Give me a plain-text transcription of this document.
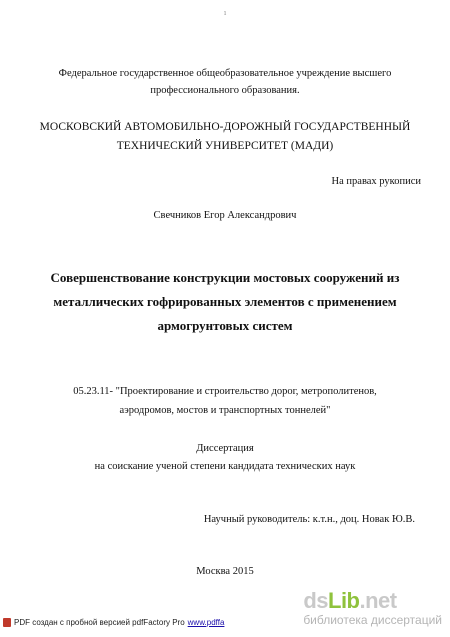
1
Федеральное государственное общеобразовательное учреждение высшего
профессионального образования.
МОСКОВСКИЙ АВТОМОБИЛЬНО-ДОРОЖНЫЙ ГОСУДАРСТВЕННЫЙ
ТЕХНИЧЕСКИЙ УНИВЕРСИТЕТ (МАДИ)
На правах рукописи
Свечников Егор Александрович
Совершенствование конструкции мостовых сооружений из
металлических гофрированных элементов с применением
армогрунтовых систем
05.23.11- "Проектирование и строительство дорог, метрополитенов,
аэродромов, мостов и транспортных тоннелей"
Диссертация
на соискание ученой степени кандидата технических наук
Научный руководитель: к.т.н., доц. Новак Ю.В.
Москва 2015
PDF создан с пробной версией pdfFactory Pro www.pdffa
dsLib.net
библиотека диссертаций
